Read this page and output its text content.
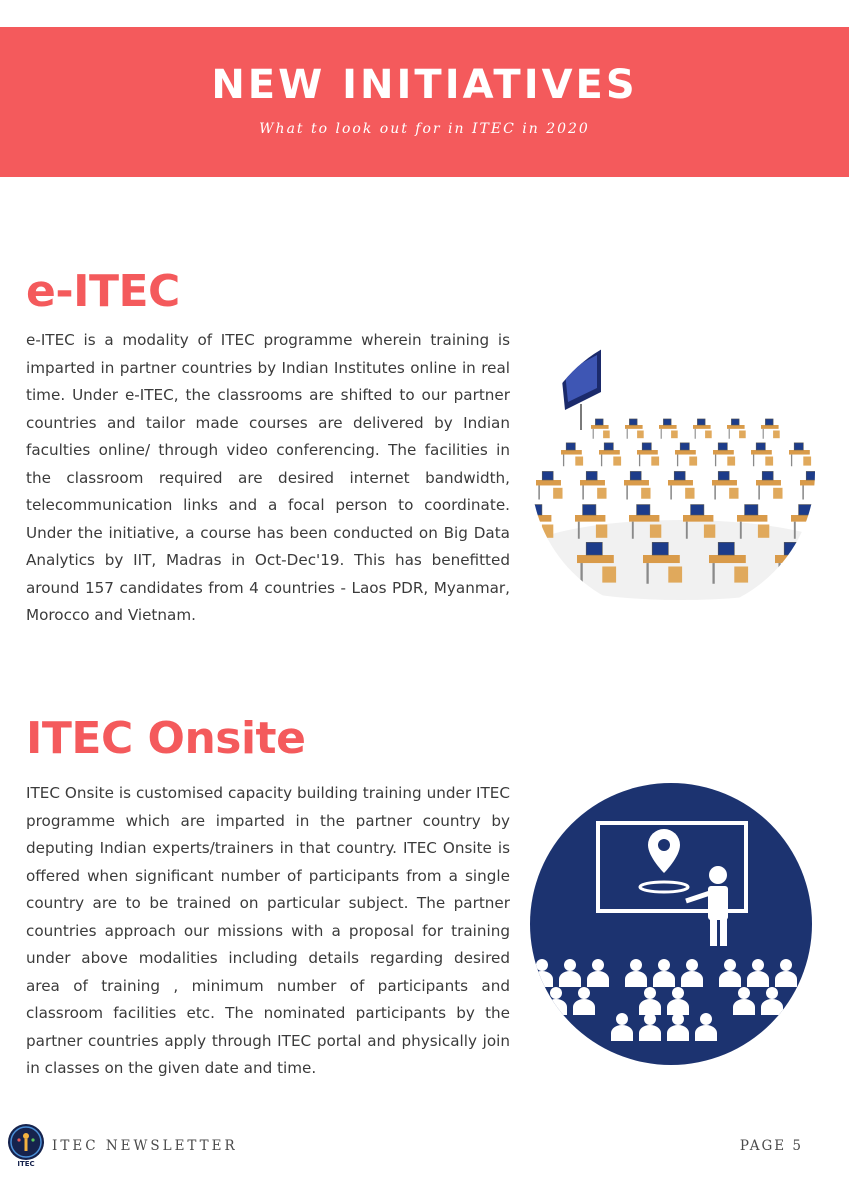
NEW INITIATIVES
What to look out for in ITEC in 2020
e-ITEC

e-ITEC is a modality of ITEC programme wherein training is imparted in partner countries by Indian Institutes online in real time. Under e-ITEC, the classrooms are shifted to our partner countries and tailor made courses are delivered by Indian faculties online/ through video conferencing. The facilities in the classroom required are desired internet bandwidth, telecommunication links and a focal person to coordinate. Under the initiative, a course has been conducted on Big Data Analytics by IIT, Madras in Oct-Dec'19. This has benefitted around 157 candidates from 4 countries - Laos PDR, Myanmar, Morocco and Vietnam.

ITEC Onsite

ITEC Onsite is customised capacity building training under ITEC programme which are imparted in the partner country by deputing Indian experts/trainers in that country. ITEC Onsite is offered when significant number of participants from a single country are to be trained on particular subject. The partner countries approach our missions with a proposal for training under above modalities including details regarding desired area of training , minimum number of participants and classroom facilities etc. The nominated participants by the partner countries apply through ITEC portal and physically join in classes on the given date and time.

ITEC
ITEC NEWSLETTER	PAGE 5
